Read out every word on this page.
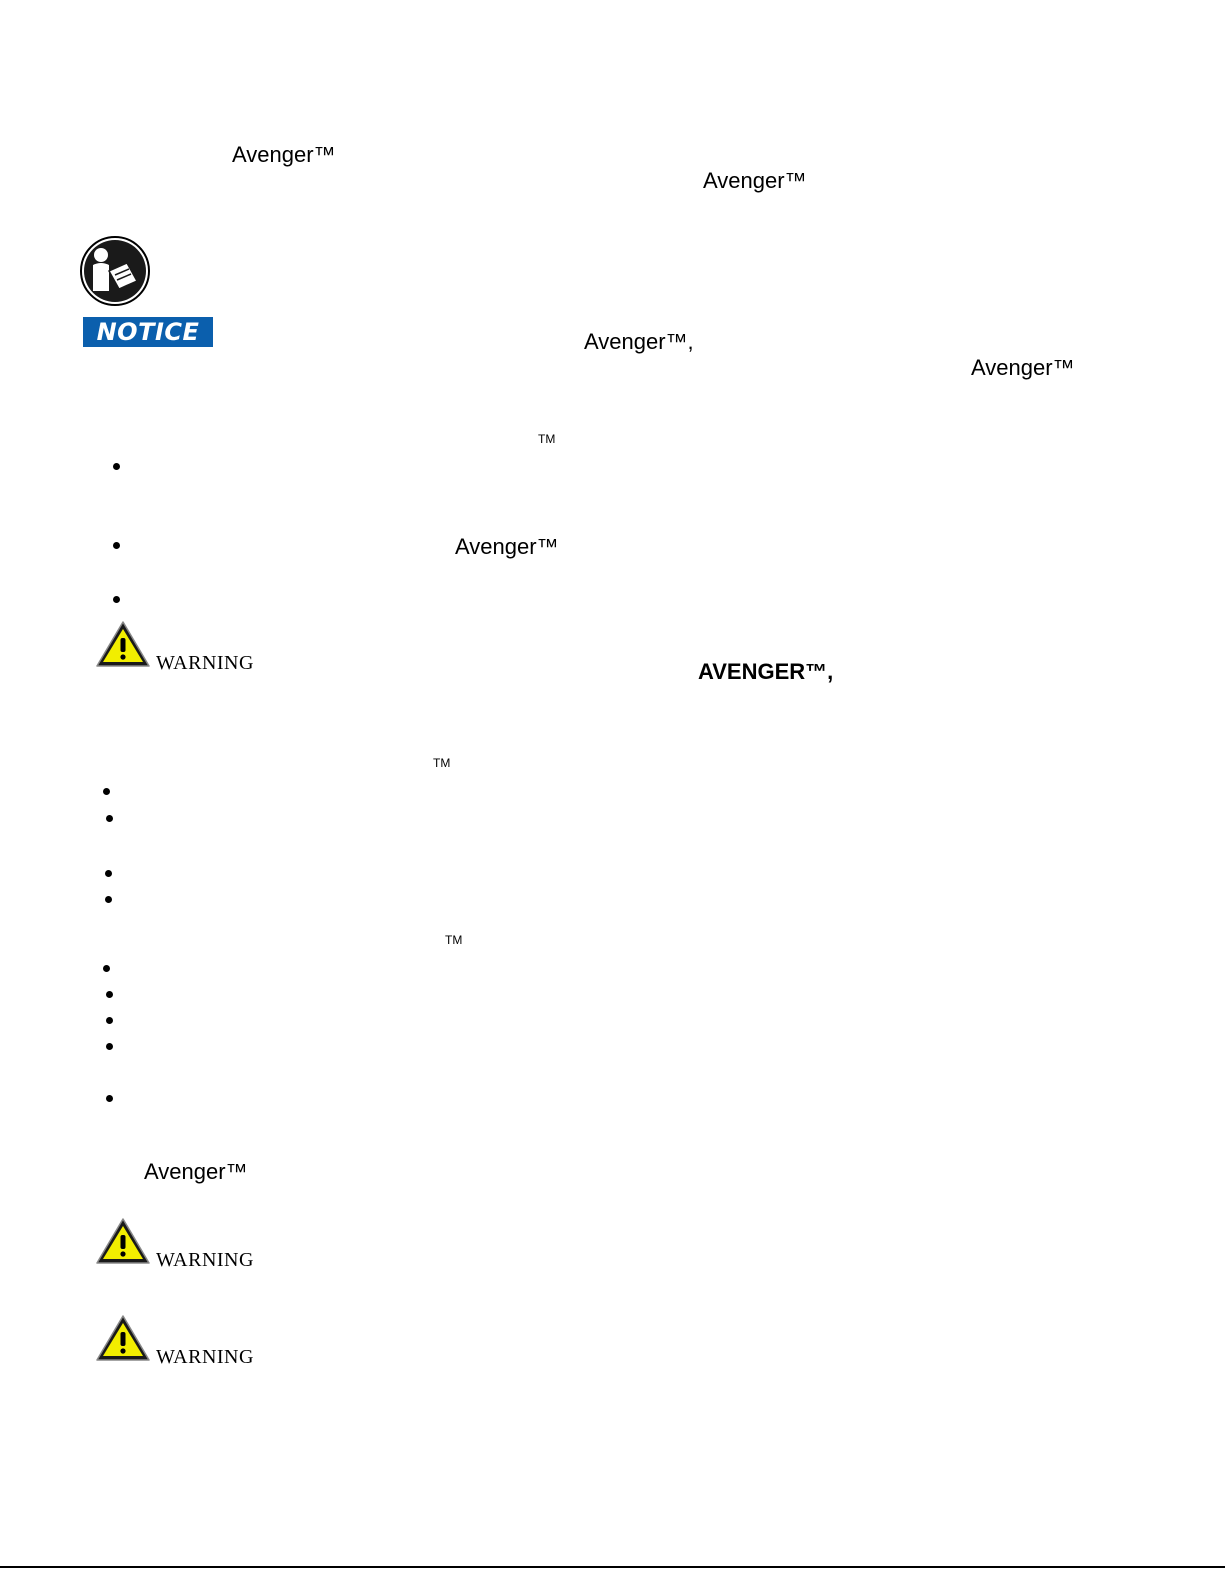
Avenger™
Avenger™
NOTICE	Avenger™,
Avenger™
TM
Avenger™
WARNING	AVENGER™,
TM
TM
Avenger™
WARNING
WARNING
